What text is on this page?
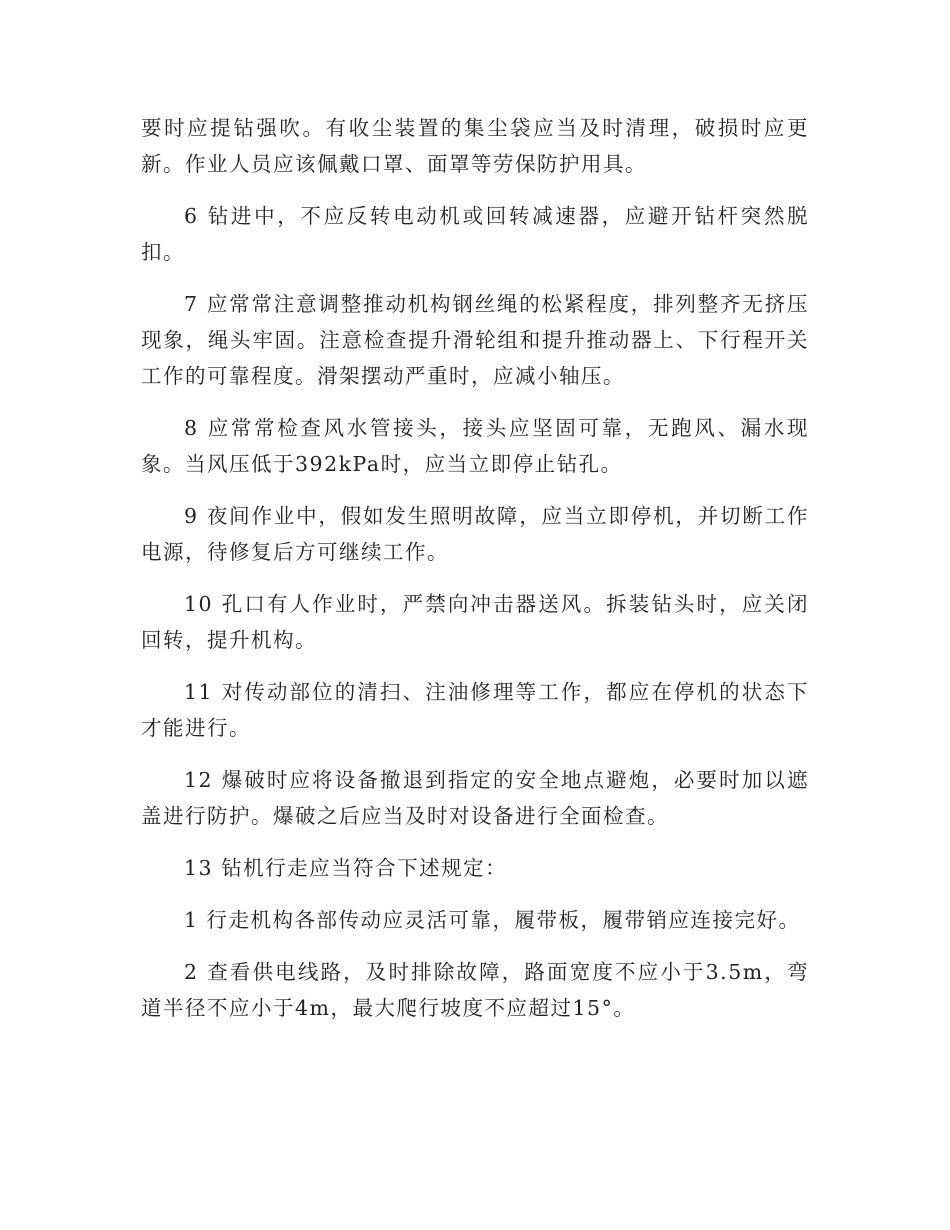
要时应提钻强吹。有收尘装置的集尘袋应当及时清理，破损时应更新。作业人员应该佩戴口罩、面罩等劳保防护用具。

6 钻进中，不应反转电动机或回转减速器，应避开钻杆突然脱扣。

7 应常常注意调整推动机构钢丝绳的松紧程度，排列整齐无挤压现象，绳头牢固。注意检查提升滑轮组和提升推动器上、下行程开关工作的可靠程度。滑架摆动严重时，应减小轴压。

8 应常常检查风水管接头，接头应坚固可靠，无跑风、漏水现象。当风压低于392kPa时，应当立即停止钻孔。

9 夜间作业中，假如发生照明故障，应当立即停机，并切断工作电源，待修复后方可继续工作。

10 孔口有人作业时，严禁向冲击器送风。拆装钻头时，应关闭回转，提升机构。

11 对传动部位的清扫、注油修理等工作，都应在停机的状态下才能进行。

12 爆破时应将设备撤退到指定的安全地点避炮，必要时加以遮盖进行防护。爆破之后应当及时对设备进行全面检查。

13 钻机行走应当符合下述规定：

1 行走机构各部传动应灵活可靠，履带板，履带销应连接完好。

2 查看供电线路，及时排除故障，路面宽度不应小于3.5m，弯道半径不应小于4m，最大爬行坡度不应超过15°。
